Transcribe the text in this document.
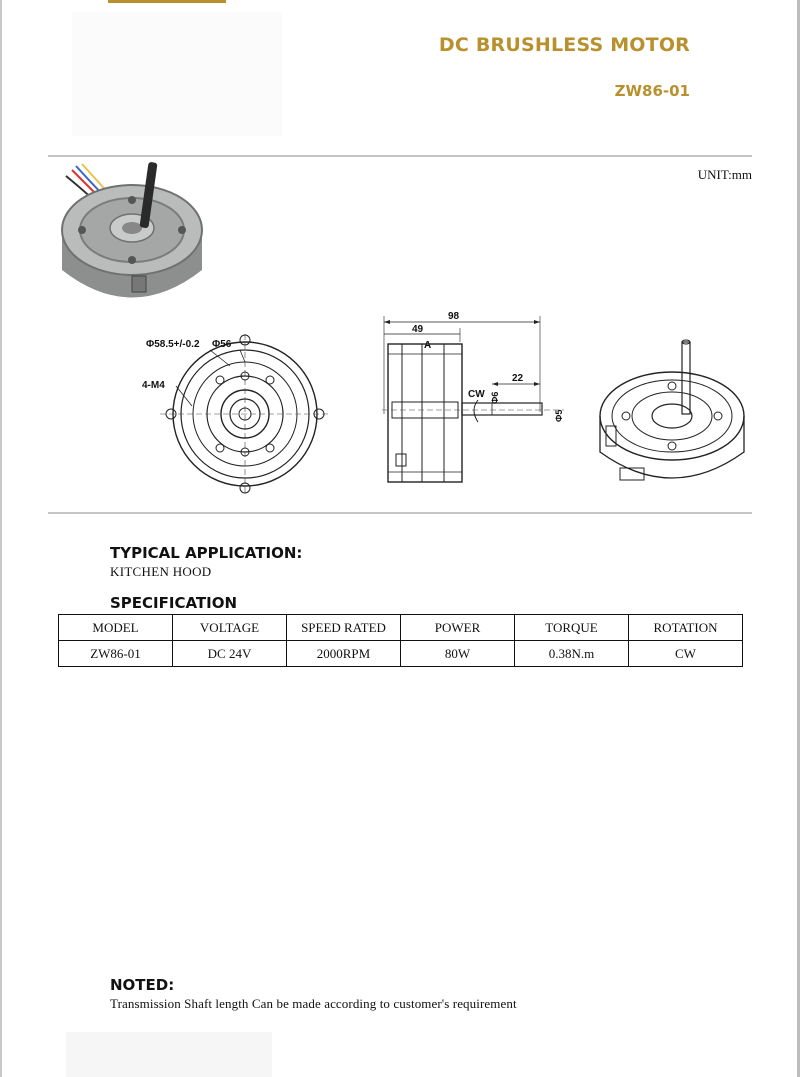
DC BRUSHLESS MOTOR
ZW86-01
UNIT:mm
Φ58.5+/-0.2 Φ56
4-M4
98
49
A
22
CW Φ6
Φ5
TYPICAL APPLICATION:
KITCHEN HOOD
SPECIFICATION
MODEL	VOLTAGE	SPEED RATED	POWER	TORQUE	ROTATION
ZW86-01	DC 24V	2000RPM	80W	0.38N.m	CW
NOTED:
Transmission Shaft length Can be made according to customer's requirement
